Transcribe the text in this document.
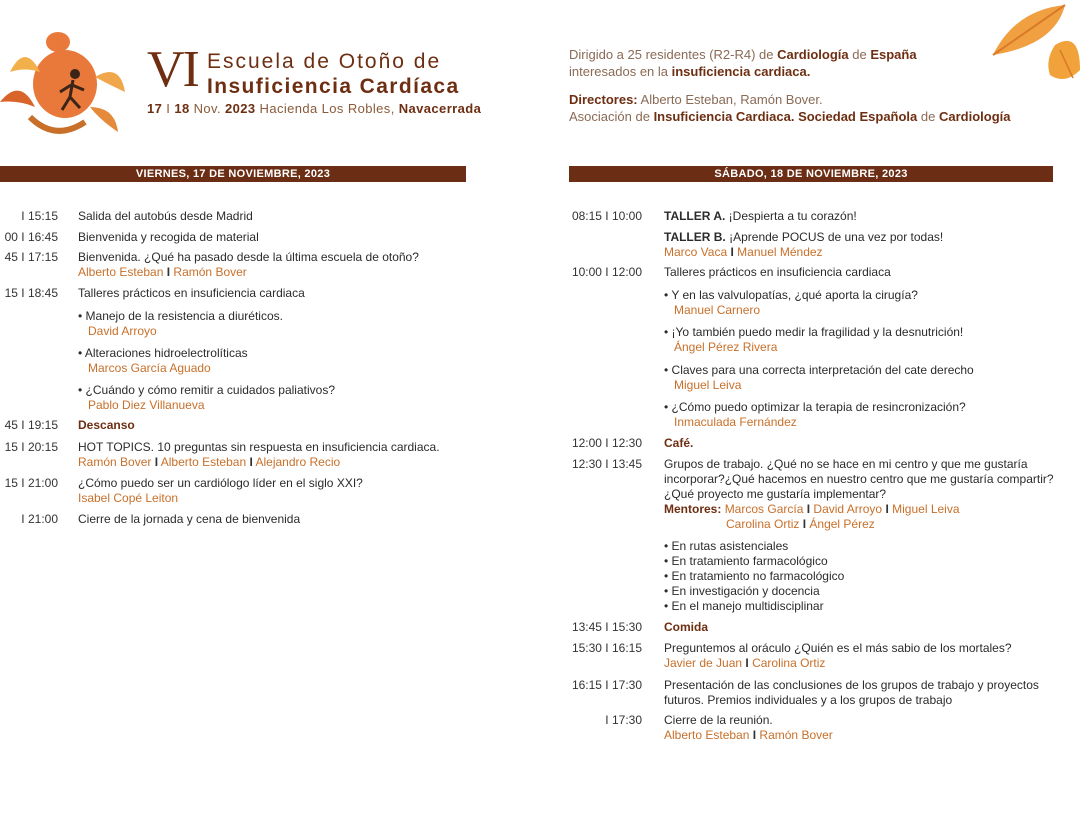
VI Escuela de Otoño de
Insuficiencia Cardíaca
17 I 18 Nov. 2023 Hacienda Los Robles, Navacerrada
Dirigido a 25 residentes (R2-R4) de Cardiología de España
interesados en la insuficiencia cardiaca.
Directores: Alberto Esteban, Ramón Bover.
Asociación de Insuficiencia Cardiaca. Sociedad Española de Cardiología
VIERNES, 17 DE NOVIEMBRE, 2023
I 15:15 Salida del autobús desde Madrid
00 I 16:45 Bienvenida y recogida de material
45 I 17:15 Bienvenida. ¿Qué ha pasado desde la última escuela de otoño?
Alberto Esteban I Ramón Bover
15 I 18:45 Talleres prácticos en insuficiencia cardiaca
• Manejo de la resistencia a diuréticos.
David Arroyo
• Alteraciones hidroelectrolíticas
Marcos García Aguado
• ¿Cuándo y cómo remitir a cuidados paliativos?
Pablo Diez Villanueva
45 I 19:15 Descanso
15 I 20:15 HOT TOPICS. 10 preguntas sin respuesta en insuficiencia cardiaca.
Ramón Bover I Alberto Esteban I Alejandro Recio
15 I 21:00 ¿Cómo puedo ser un cardiólogo líder en el siglo XXI?
Isabel Copé Leiton
I 21:00 Cierre de la jornada y cena de bienvenida
SÁBADO, 18 DE NOVIEMBRE, 2023
08:15 I 10:00 TALLER A. ¡Despierta a tu corazón!
TALLER B. ¡Aprende POCUS de una vez por todas!
Marco Vaca I Manuel Méndez
10:00 I 12:00 Talleres prácticos en insuficiencia cardiaca
• Y en las valvulopatías, ¿qué aporta la cirugía?
Manuel Carnero
• ¡Yo también puedo medir la fragilidad y la desnutrición!
Ángel Pérez Rivera
• Claves para una correcta interpretación del cate derecho
Miguel Leiva
• ¿Cómo puedo optimizar la terapia de resincronización?
Inmaculada Fernández
12:00 I 12:30 Café.
12:30 I 13:45 Grupos de trabajo. ¿Qué no se hace en mi centro y que me gustaría
incorporar?¿Qué hacemos en nuestro centro que me gustaría compartir?
¿Qué proyecto me gustaría implementar?
Mentores: Marcos García I David Arroyo I Miguel Leiva
Carolina Ortiz I Ángel Pérez
• En rutas asistenciales
• En tratamiento farmacológico
• En tratamiento no farmacológico
• En investigación y docencia
• En el manejo multidisciplinar
13:45 I 15:30 Comida
15:30 I 16:15 Preguntemos al oráculo ¿Quién es el más sabio de los mortales?
Javier de Juan I Carolina Ortiz
16:15 I 17:30 Presentación de las conclusiones de los grupos de trabajo y proyectos
futuros. Premios individuales y a los grupos de trabajo
I 17:30 Cierre de la reunión.
Alberto Esteban I Ramón Bover
